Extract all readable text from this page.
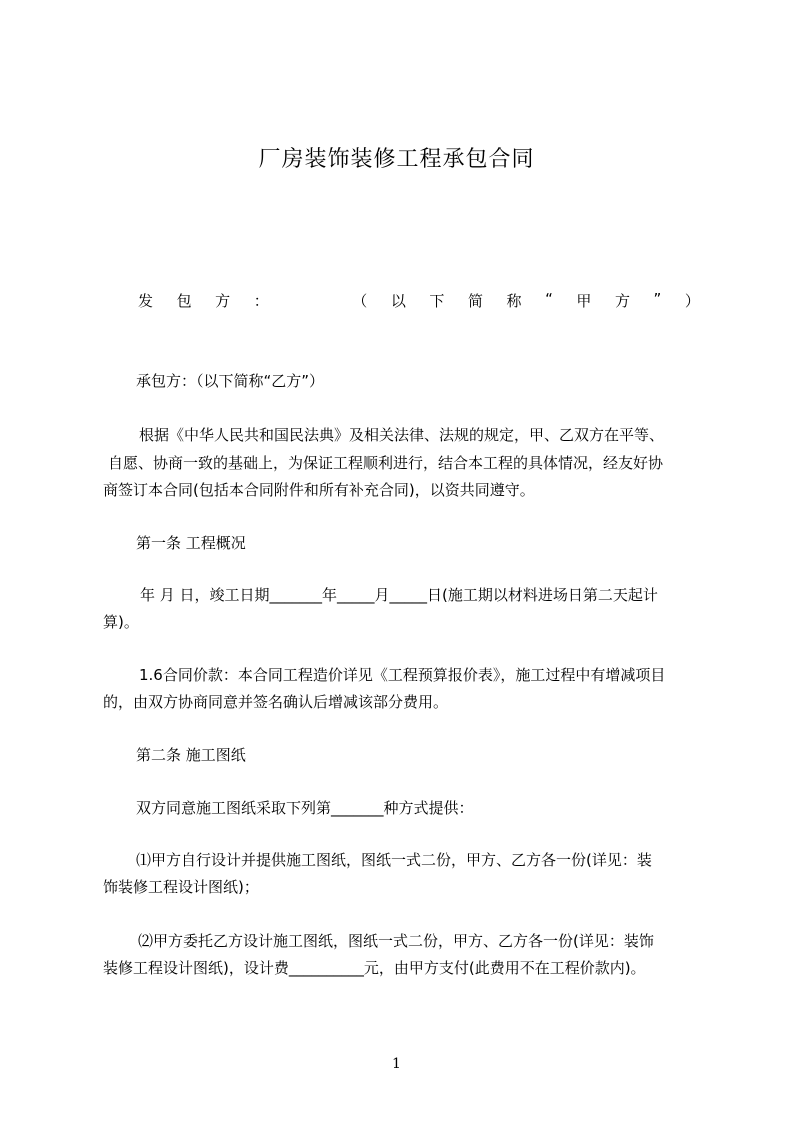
厂房装饰装修工程承包合同
发 包 方 ：	（ 以 下 简 称 “ 甲 方 ” ）
承包方：（以下简称“乙方”）
根据《中华人民共和国民法典》及相关法律、法规的规定，甲、乙双方在平等、
自愿、协商一致的基础上，为保证工程顺利进行，结合本工程的具体情况，经友好协
商签订本合同(包括本合同附件和所有补充合同)，以资共同遵守。
第一条 工程概况
年 月 日，竣工日期_______年_____月_____日(施工期以材料进场日第二天起计
算)。
1.6合同价款：本合同工程造价详见《工程预算报价表》，施工过程中有增减项目
的，由双方协商同意并签名确认后增减该部分费用。
第二条 施工图纸
双方同意施工图纸采取下列第_______种方式提供：
⑴甲方自行设计并提供施工图纸，图纸一式二份，甲方、乙方各一份(详见：装
饰装修工程设计图纸)；
⑵甲方委托乙方设计施工图纸，图纸一式二份，甲方、乙方各一份(详见：装饰
装修工程设计图纸)，设计费__________元，由甲方支付(此费用不在工程价款内)。
1
